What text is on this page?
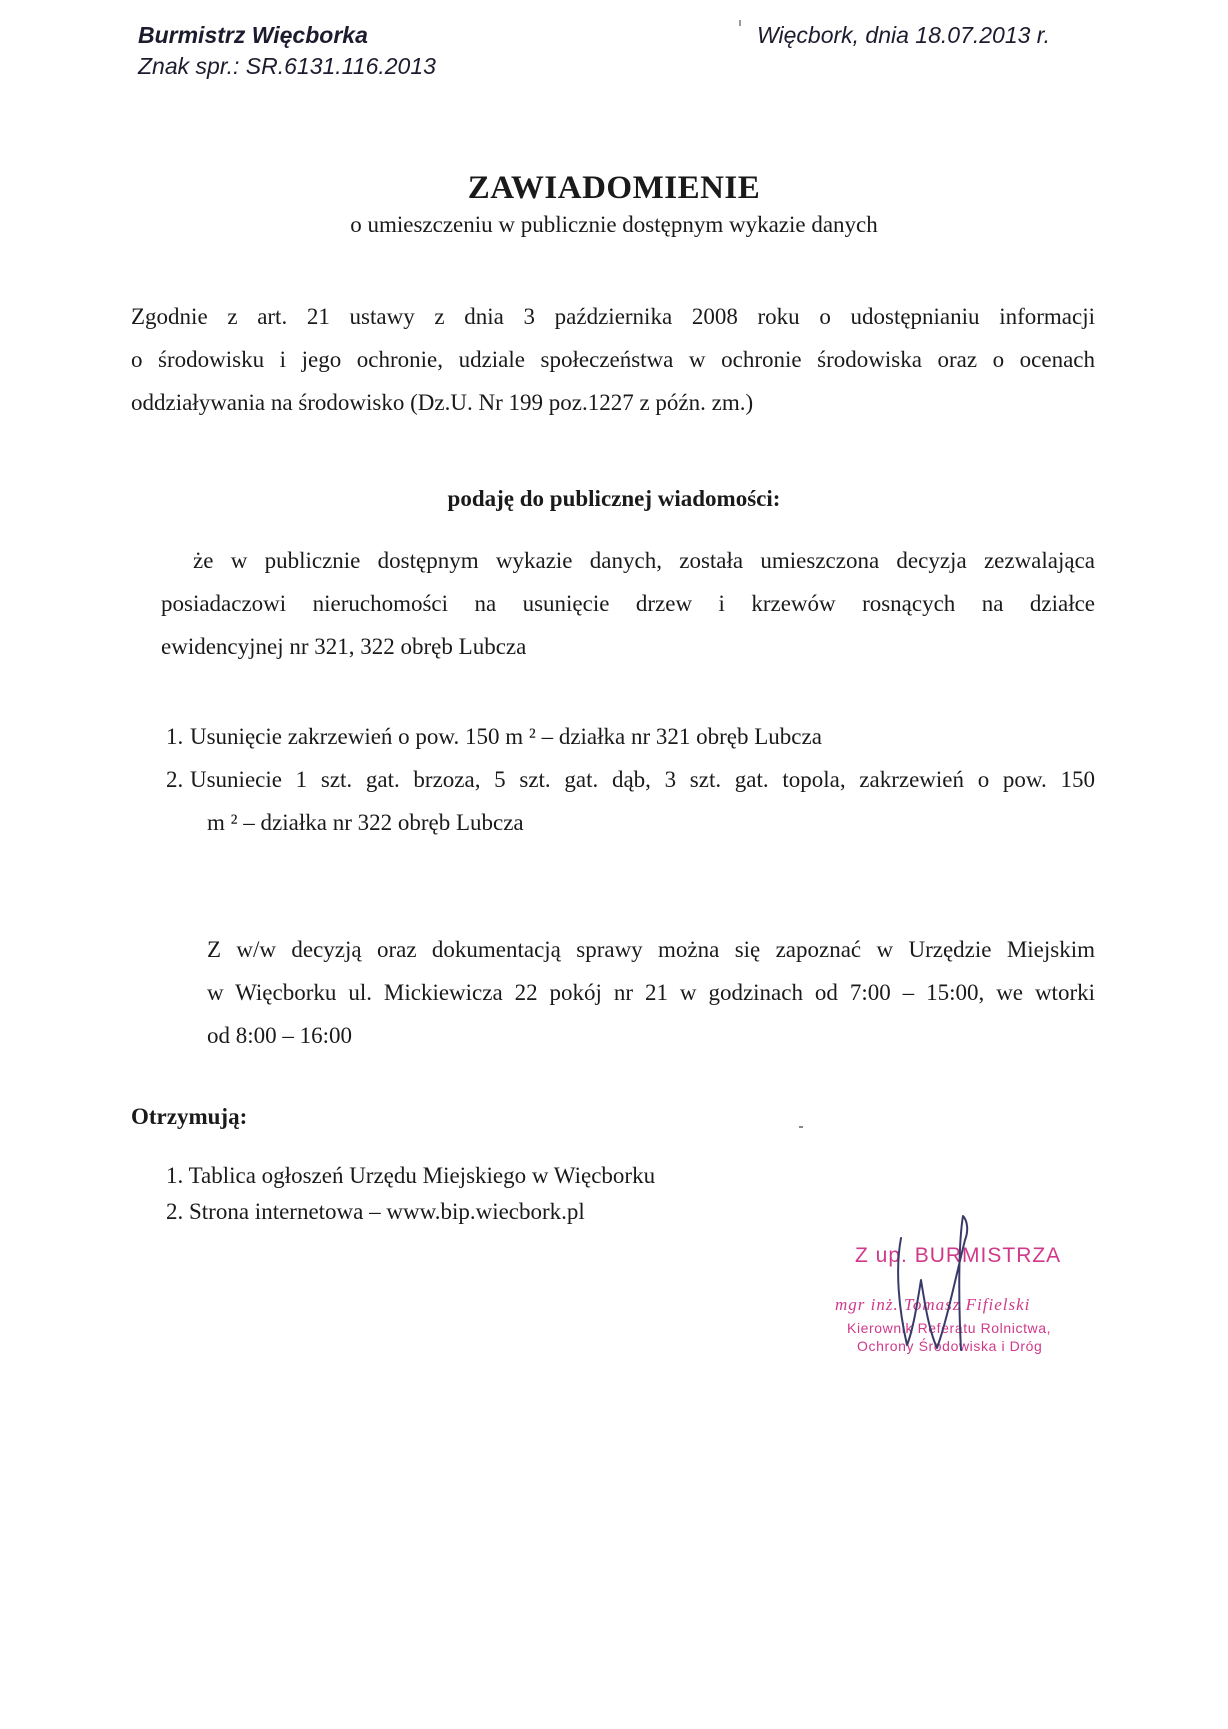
Burmistrz Więcborka
Znak spr.: SR.6131.116.2013
Więcbork, dnia 18.07.2013 r.
ZAWIADOMIENIE
o umieszczeniu w publicznie dostępnym wykazie danych
Zgodnie z art. 21 ustawy z dnia 3 października 2008 roku o udostępnianiu informacji
o środowisku i jego ochronie, udziale społeczeństwa w ochronie środowiska oraz o ocenach
oddziaływania na środowisko (Dz.U. Nr 199 poz.1227 z późn. zm.)
podaję do publicznej wiadomości:
że w publicznie dostępnym wykazie danych, została umieszczona decyzja zezwalająca
posiadaczowi nieruchomości na usunięcie drzew i krzewów rosnących na działce
ewidencyjnej nr 321, 322 obręb Lubcza
1. Usunięcie zakrzewień o pow. 150 m ² – działka nr 321 obręb Lubcza
2. Usuniecie 1 szt. gat. brzoza, 5 szt. gat. dąb, 3 szt. gat. topola, zakrzewień o pow. 150
m ² – działka nr 322 obręb Lubcza
Z w/w decyzją oraz dokumentacją sprawy można się zapoznać w Urzędzie Miejskim
w Więcborku ul. Mickiewicza 22 pokój nr 21 w godzinach od 7:00 – 15:00, we wtorki
od 8:00 – 16:00
Otrzymują:
1. Tablica ogłoszeń Urzędu Miejskiego w Więcborku
2. Strona internetowa – www.bip.wiecbork.pl
Z up. BURMISTRZA
mgr inż. Tomasz Fifielski
Kierownik Referatu Rolnictwa,
Ochrony Środowiska i Dróg
